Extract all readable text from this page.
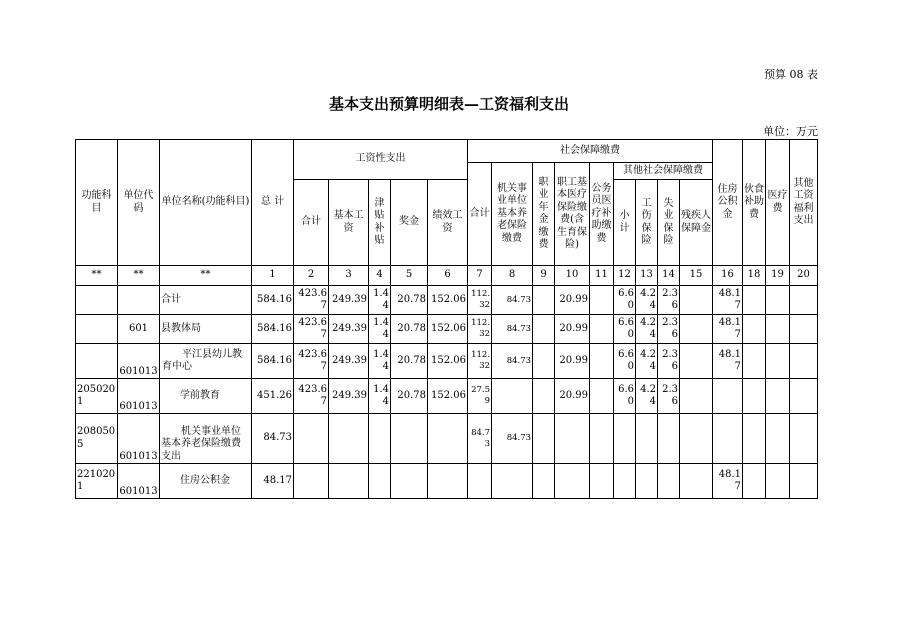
预算 08 表
基本支出预算明细表—工资福利支出
单位：万元
功能科目	单位代码	单位名称(功能科目)	总 计	工资性支出					社会保障缴费									住房公积金	伙食补助费	医疗费	其他工资福利支出
									合计	机关事业单位基本养老保险缴费	职业年金缴费	职工基本医疗保险缴费(含生育保险)	公务员医疗补助缴费	其他社会保障缴费							
				合计	基本工资	津贴补贴	奖金	绩效工资						小计	工伤保险	失业保险	残疾人保障金				
**	**	**	1	2	3	4	5	6	7	8	9	10	11	12	13	14	15	16	18	19	20
		合计	584.16	423.67	249.39	1.44	20.78	152.06	112.32	84.73		20.99		6.60	4.24	2.36		48.17			
	601	县教体局	584.16	423.67	249.39	1.44	20.78	152.06	112.32	84.73		20.99		6.60	4.24	2.36		48.17			
	601013	平江县幼儿教育中心	584.16	423.67	249.39	1.44	20.78	152.06	112.32	84.73		20.99		6.60	4.24	2.36		48.17			
2050201	601013	学前教育	451.26	423.67	249.39	1.44	20.78	152.06	27.59			20.99		6.60	4.24	2.36					
2080505	601013	机关事业单位基本养老保险缴费支出	84.73						84.73	84.73											
2210201	601013	住房公积金	48.17															48.17			
